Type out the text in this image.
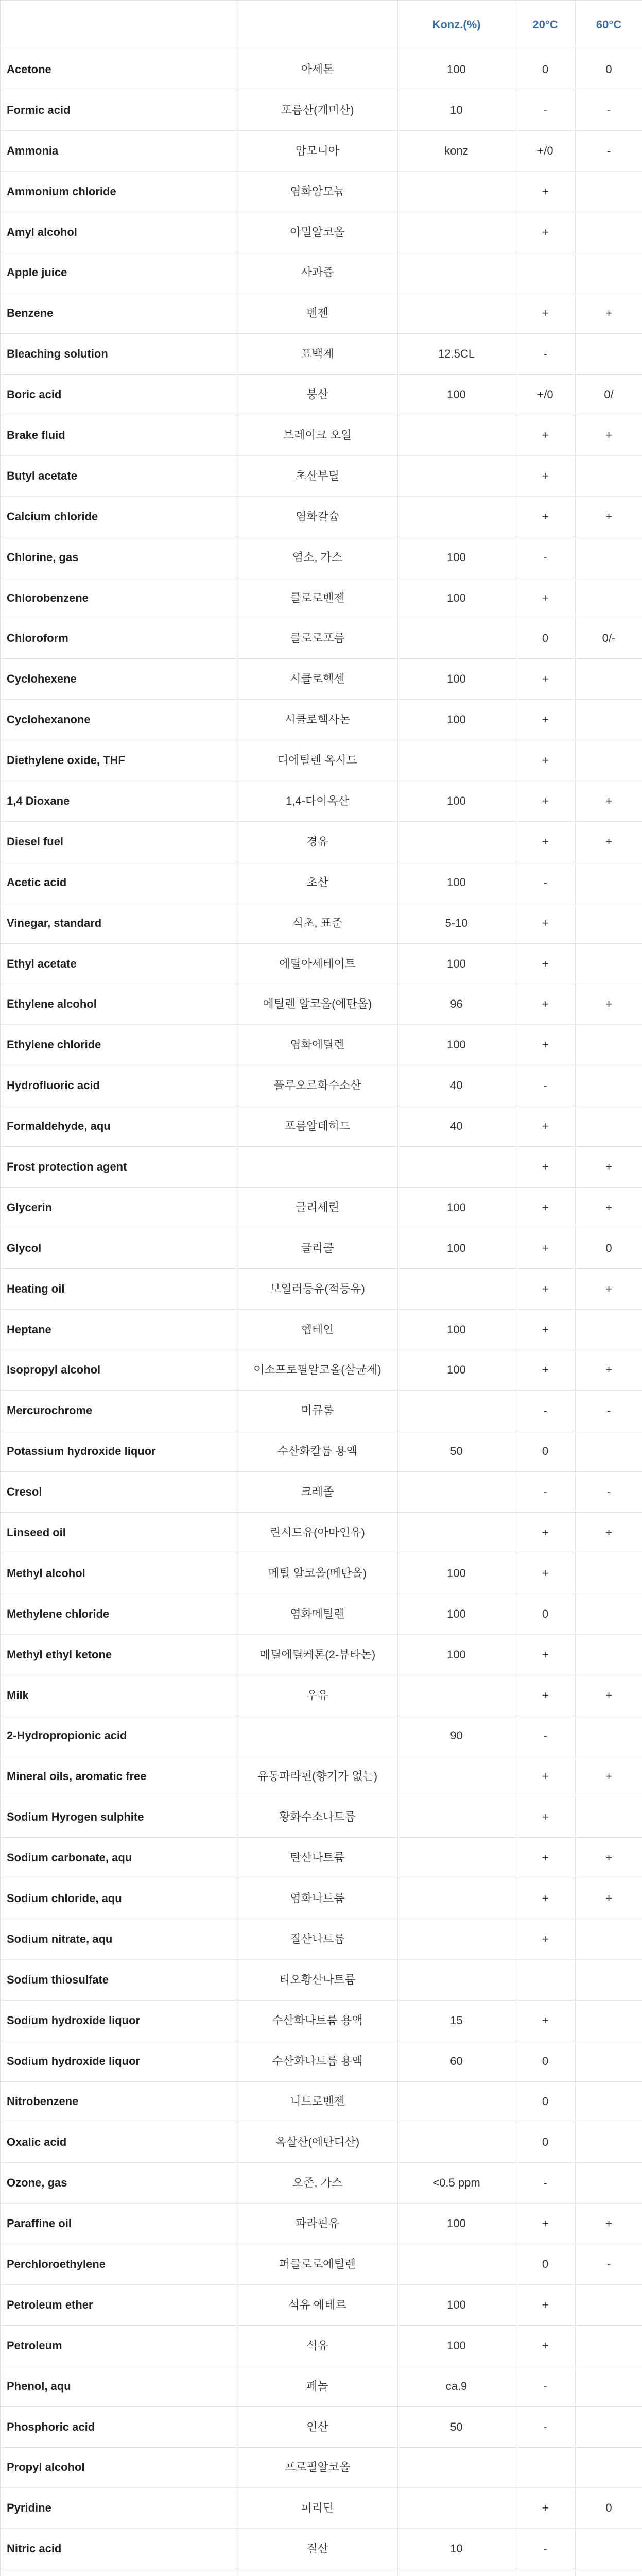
		Konz.(%)	20°C	60°C
Acetone	아세톤	100	0	0
Formic acid	포름산(개미산)	10	-	-
Ammonia	암모니아	konz	+/0	-
Ammonium chloride	염화암모늄		+	
Amyl alcohol	아밀알코올		+	
Apple juice	사과즙			
Benzene	벤젠		+	+
Bleaching solution	표백제	12.5CL	-	
Boric acid	붕산	100	+/0	0/
Brake fluid	브레이크 오일		+	+
Butyl acetate	초산부틸		+	
Calcium chloride	염화칼슘		+	+
Chlorine, gas	염소, 가스	100	-	
Chlorobenzene	클로로벤젠	100	+	
Chloroform	클로로포름		0	0/-
Cyclohexene	시클로헥센	100	+	
Cyclohexanone	시클로헥사논	100	+	
Diethylene oxide, THF	디에틸렌 옥시드		+	
1,4 Dioxane	1,4-다이옥산	100	+	+
Diesel fuel	경유		+	+
Acetic acid	초산	100	-	
Vinegar, standard	식초, 표준	5-10	+	
Ethyl acetate	에틸아세테이트	100	+	
Ethylene alcohol	에틸렌 알코올(에탄올)	96	+	+
Ethylene chloride	염화에틸렌	100	+	
Hydrofluoric acid	플루오르화수소산	40	-	
Formaldehyde, aqu	포름알데히드	40	+	
Frost protection agent			+	+
Glycerin	글리세린	100	+	+
Glycol	글리콜	100	+	0
Heating oil	보일러등유(적등유)		+	+
Heptane	헵테인	100	+	
Isopropyl alcohol	이소프로필알코올(살균제)	100	+	+
Mercurochrome	머큐롬		-	-
Potassium hydroxide liquor	수산화칼륨 용액	50	0	
Cresol	크레졸		-	-
Linseed oil	린시드유(아마인유)		+	+
Methyl alcohol	메틸 알코올(메탄올)	100	+	
Methylene chloride	염화메틸렌	100	0	
Methyl ethyl ketone	메틸에틸케톤(2-뷰타논)	100	+	
Milk	우유		+	+
2-Hydropropionic acid		90	-	
Mineral oils, aromatic free	유동파라핀(향기가 없는)		+	+
Sodium Hyrogen sulphite	황화수소나트륨		+	
Sodium carbonate, aqu	탄산나트륨		+	+
Sodium chloride, aqu	염화나트륨		+	+
Sodium nitrate, aqu	질산나트륨		+	
Sodium thiosulfate	티오황산나트륨			
Sodium hydroxide liquor	수산화나트륨 용액	15	+	
Sodium hydroxide liquor	수산화나트륨 용액	60	0	
Nitrobenzene	니트로벤젠		0	
Oxalic acid	옥살산(에탄디산)		0	
Ozone, gas	오존, 가스	<0.5 ppm	-	
Paraffine oil	파라핀유	100	+	+
Perchloroethylene	퍼클로로에틸렌		0	-
Petroleum ether	석유 에테르	100	+	
Petroleum	석유	100	+	
Phenol, aqu	페놀	ca.9	-	
Phosphoric acid	인산	50	-	
Propyl alcohol	프로필알코올			
Pyridine	피리딘		+	0
Nitric acid	질산	10	-	
